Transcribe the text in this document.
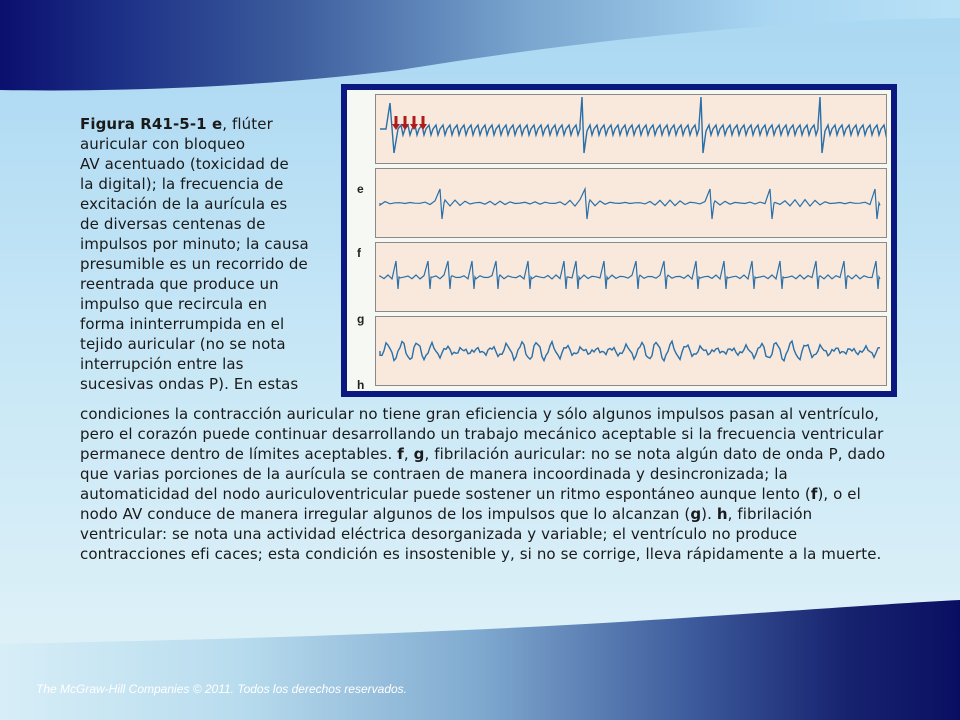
e
f
g
h
Figura R41-5-1 e, flúter
auricular con bloqueo
AV acentuado (toxicidad de
la digital); la frecuencia de
excitación de la aurícula es
de diversas centenas de
impulsos por minuto; la causa
presumible es un recorrido de
reentrada que produce un
impulso que recircula en
forma ininterrumpida en el
tejido auricular (no se nota
interrupción entre las
sucesivas ondas P). En estas
condiciones la contracción auricular no tiene gran eficiencia y sólo algunos impulsos pasan al ventrículo, pero el corazón puede continuar desarrollando un trabajo mecánico aceptable si la frecuencia ventricular permanece dentro de límites aceptables. f, g, fibrilación auricular: no se nota algún dato de onda P, dado que varias porciones de la aurícula se contraen de manera incoordinada y desincronizada; la automaticidad del nodo auriculoventricular puede sostener un ritmo espontáneo aunque lento (f), o el nodo AV conduce de manera irregular algunos de los impulsos que lo alcanzan (g). h, fibrilación ventricular: se nota una actividad eléctrica desorganizada y variable; el ventrículo no produce contracciones efi caces; esta condición es insostenible y, si no se corrige, lleva rápidamente a la muerte.
The McGraw-Hill Companies © 2011. Todos los derechos reservados.
